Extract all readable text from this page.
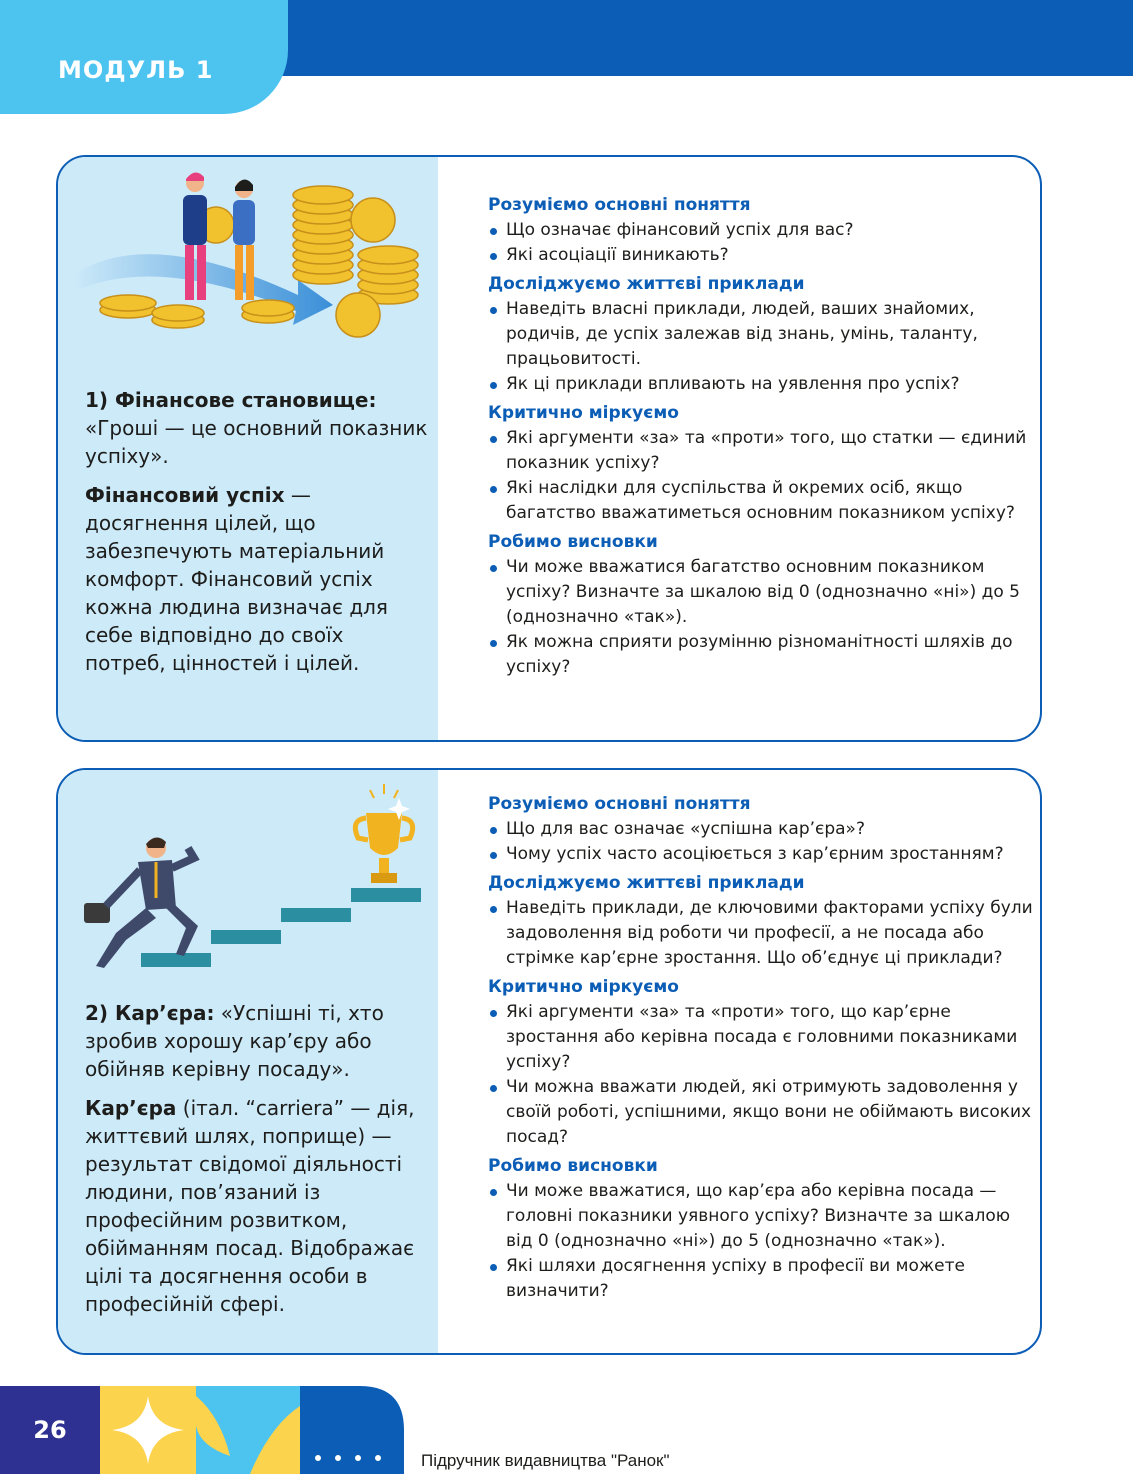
МОДУЛЬ 1

1) Фінансове становище:
«Гроші — це основний показник успіху».

Фінансовий успіх — досягнення цілей, що забезпечують матеріальний комфорт. Фінансовий успіх кожна людина визначає для себе відповідно до своїх потреб, цінностей і цілей.

Розуміємо основні поняття
Що означає фінансовий успіх для вас?
Які асоціації виникають?
Досліджуємо життєві приклади
Наведіть власні приклади, людей, ваших знайомих, родичів, де успіх залежав від знань, умінь, таланту, працьовитості.
Як ці приклади впливають на уявлення про успіх?
Критично міркуємо
Які аргументи «за» та «проти» того, що статки — єдиний показник успіху?
Які наслідки для суспільства й окремих осіб, якщо багатство вважатиметься основним показником успіху?
Робимо висновки
Чи може вважатися багатство основним показником успіху? Визначте за шкалою від 0 (однозначно «ні») до 5 (однозначно «так»).
Як можна сприяти розумінню різноманітності шляхів до успіху?

2) Кар’єра: «Успішні ті, хто зробив хорошу кар’єру або обійняв керівну посаду».

Кар’єра (італ. “carriera” — дія, життєвий шлях, поприще) — результат свідомої діяльності людини, пов’язаний із професійним розвитком, обійманням посад. Відображає цілі та досягнення особи в професійній сфері.

Розуміємо основні поняття
Що для вас означає «успішна кар’єра»?
Чому успіх часто асоціюється з кар’єрним зростанням?
Досліджуємо життєві приклади
Наведіть приклади, де ключовими факторами успіху були задоволення від роботи чи професії, а не посада або стрімке кар’єрне зростання. Що об’єднує ці приклади?
Критично міркуємо
Які аргументи «за» та «проти» того, що кар’єрне зростання або керівна посада є головними показниками успіху?
Чи можна вважати людей, які отримують задоволення у своїй роботі, успішними, якщо вони не обіймають високих посад?
Робимо висновки
Чи може вважатися, що кар’єра або керівна посада — головні показники уявного успіху? Визначте за шкалою від 0 (однозначно «ні») до 5 (однозначно «так»).
Які шляхи досягнення успіху в професії ви можете визначити?
26
Підручник видавництва "Ранок"
